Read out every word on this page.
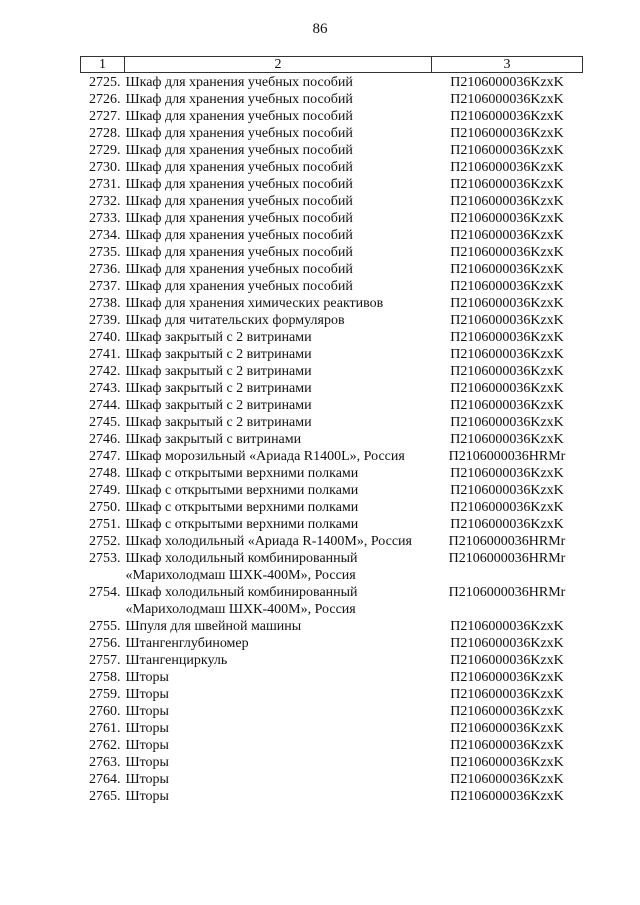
86
1	2	3
2725.	Шкаф для хранения учебных пособий	П2106000036KzxK
2726.	Шкаф для хранения учебных пособий	П2106000036KzxK
2727.	Шкаф для хранения учебных пособий	П2106000036KzxK
2728.	Шкаф для хранения учебных пособий	П2106000036KzxK
2729.	Шкаф для хранения учебных пособий	П2106000036KzxK
2730.	Шкаф для хранения учебных пособий	П2106000036KzxK
2731.	Шкаф для хранения учебных пособий	П2106000036KzxK
2732.	Шкаф для хранения учебных пособий	П2106000036KzxK
2733.	Шкаф для хранения учебных пособий	П2106000036KzxK
2734.	Шкаф для хранения учебных пособий	П2106000036KzxK
2735.	Шкаф для хранения учебных пособий	П2106000036KzxK
2736.	Шкаф для хранения учебных пособий	П2106000036KzxK
2737.	Шкаф для хранения учебных пособий	П2106000036KzxK
2738.	Шкаф для хранения химических реактивов	П2106000036KzxK
2739.	Шкаф для читательских формуляров	П2106000036KzxK
2740.	Шкаф закрытый с 2 витринами	П2106000036KzxK
2741.	Шкаф закрытый с 2 витринами	П2106000036KzxK
2742.	Шкаф закрытый с 2 витринами	П2106000036KzxK
2743.	Шкаф закрытый с 2 витринами	П2106000036KzxK
2744.	Шкаф закрытый с 2 витринами	П2106000036KzxK
2745.	Шкаф закрытый с 2 витринами	П2106000036KzxK
2746.	Шкаф закрытый с витринами	П2106000036KzxK
2747.	Шкаф морозильный «Ариада R1400L», Россия	П2106000036HRMr
2748.	Шкаф с открытыми верхними полками	П2106000036KzxK
2749.	Шкаф с открытыми верхними полками	П2106000036KzxK
2750.	Шкаф с открытыми верхними полками	П2106000036KzxK
2751.	Шкаф с открытыми верхними полками	П2106000036KzxK
2752.	Шкаф холодильный «Ариада R-1400М», Россия	П2106000036HRMr
2753.	Шкаф холодильный комбинированный «Марихолодмаш ШХК-400М», Россия	П2106000036HRMr
2754.	Шкаф холодильный комбинированный «Марихолодмаш ШХК-400М», Россия	П2106000036HRMr
2755.	Шпуля для швейной машины	П2106000036KzxK
2756.	Штангенглубиномер	П2106000036KzxK
2757.	Штангенциркуль	П2106000036KzxK
2758.	Шторы	П2106000036KzxK
2759.	Шторы	П2106000036KzxK
2760.	Шторы	П2106000036KzxK
2761.	Шторы	П2106000036KzxK
2762.	Шторы	П2106000036KzxK
2763.	Шторы	П2106000036KzxK
2764.	Шторы	П2106000036KzxK
2765.	Шторы	П2106000036KzxK
